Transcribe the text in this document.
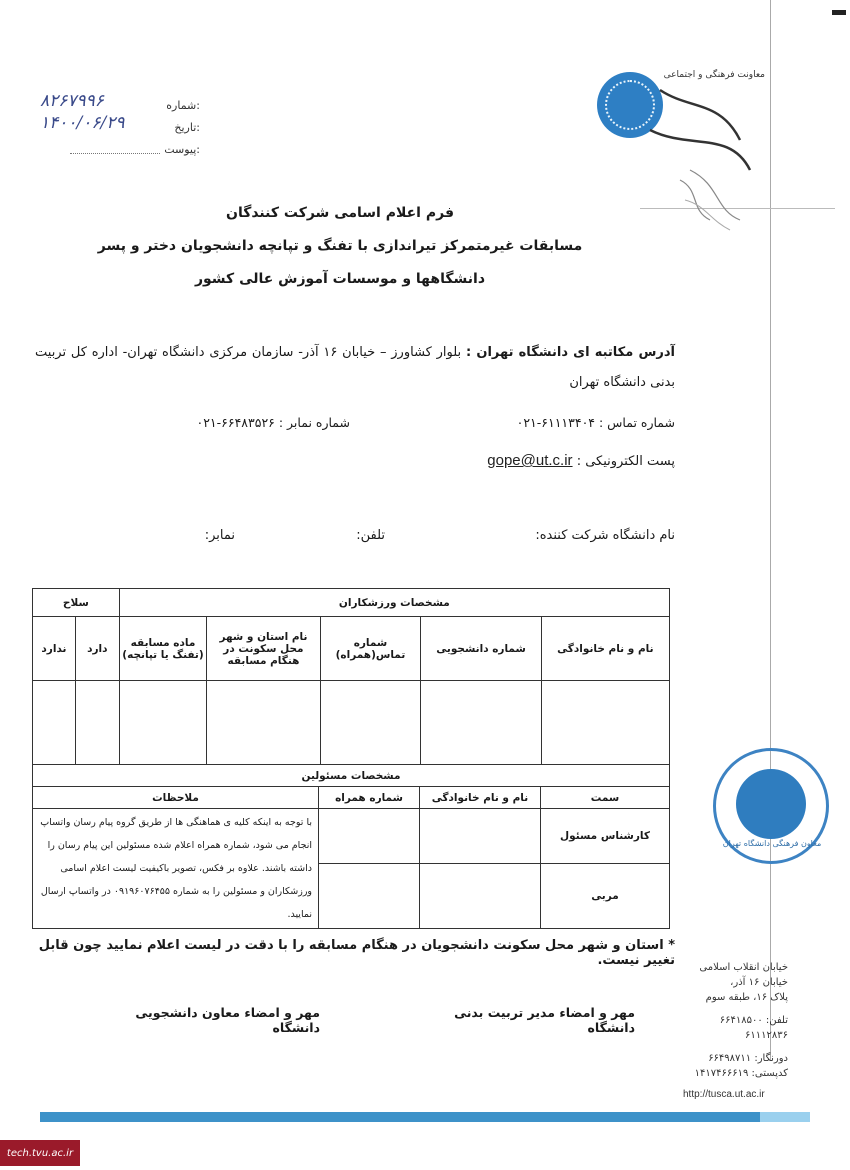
معاونت فرهنگی و اجتماعی
شماره:
۸۲۶۷۹۹۶
تاریخ:
۱۴۰۰/۰۶/۲۹
پیوست:
فرم اعلام اسامی شرکت کنندگان
مسابقات غیرمتمرکز تیراندازی با تفنگ و تپانچه دانشجویان دختر و پسر
دانشگاهها و موسسات آموزش عالی کشور
آدرس مکاتبه ای دانشگاه تهران : بلوار کشاورز – خیابان ۱۶ آذر- سازمان مرکزی دانشگاه تهران- اداره کل تربیت بدنی دانشگاه تهران
شماره تماس : ۶۱۱۱۳۴۰۴-۰۲۱
شماره نمابر : ۶۶۴۸۳۵۲۶-۰۲۱
پست الکترونیکی : gope@ut.c.ir
نام دانشگاه شرکت کننده:
تلفن:
نمابر:
مشخصات ورزشکاران					سلاح	
نام و نام خانوادگی	شماره دانشجویی	شماره تماس(همراه)	نام استان و شهر محل سکونت در هنگام مسابقه	ماده مسابقه (تفنگ یا تپانچه)	دارد	ندارد

مشخصات مسئولین			
سمت	نام و نام خانوادگی	شماره همراه	ملاحظات
کارشناس مسئول			با توجه به اینکه کلیه ی هماهنگی ها از طریق گروه پیام رسان واتساپ انجام می شود، شماره همراه اعلام شده مسئولین این پیام رسان را داشته باشند. علاوه بر فکس، تصویر باکیفیت لیست اعلام اسامی ورزشکاران و مسئولین را به شماره ۰۹۱۹۶۰۷۶۴۵۵ در واتساپ ارسال نمایید.
مربی			
* استان و شهر محل سکونت دانشجویان در هنگام مسابقه را با دقت در لیست اعلام نمایید چون قابل تغییر نیست.
مهر و امضاء مدیر تربیت بدنی دانشگاه
مهر و امضاء معاون دانشجویی دانشگاه
معاون فرهنگی دانشگاه تهران
خیابان انقلاب اسلامی
خیابان ۱۶ آذر،
پلاک ۱۶، طبقه سوم
تلفن: ۶۶۴۱۸۵۰۰
۶۱۱۱۲۸۳۶
دورنگار: ۶۶۴۹۸۷۱۱
کدپستی: ۱۴۱۷۴۶۶۶۱۹
http://tusca.ut.ac.ir
tech.tvu.ac.ir
